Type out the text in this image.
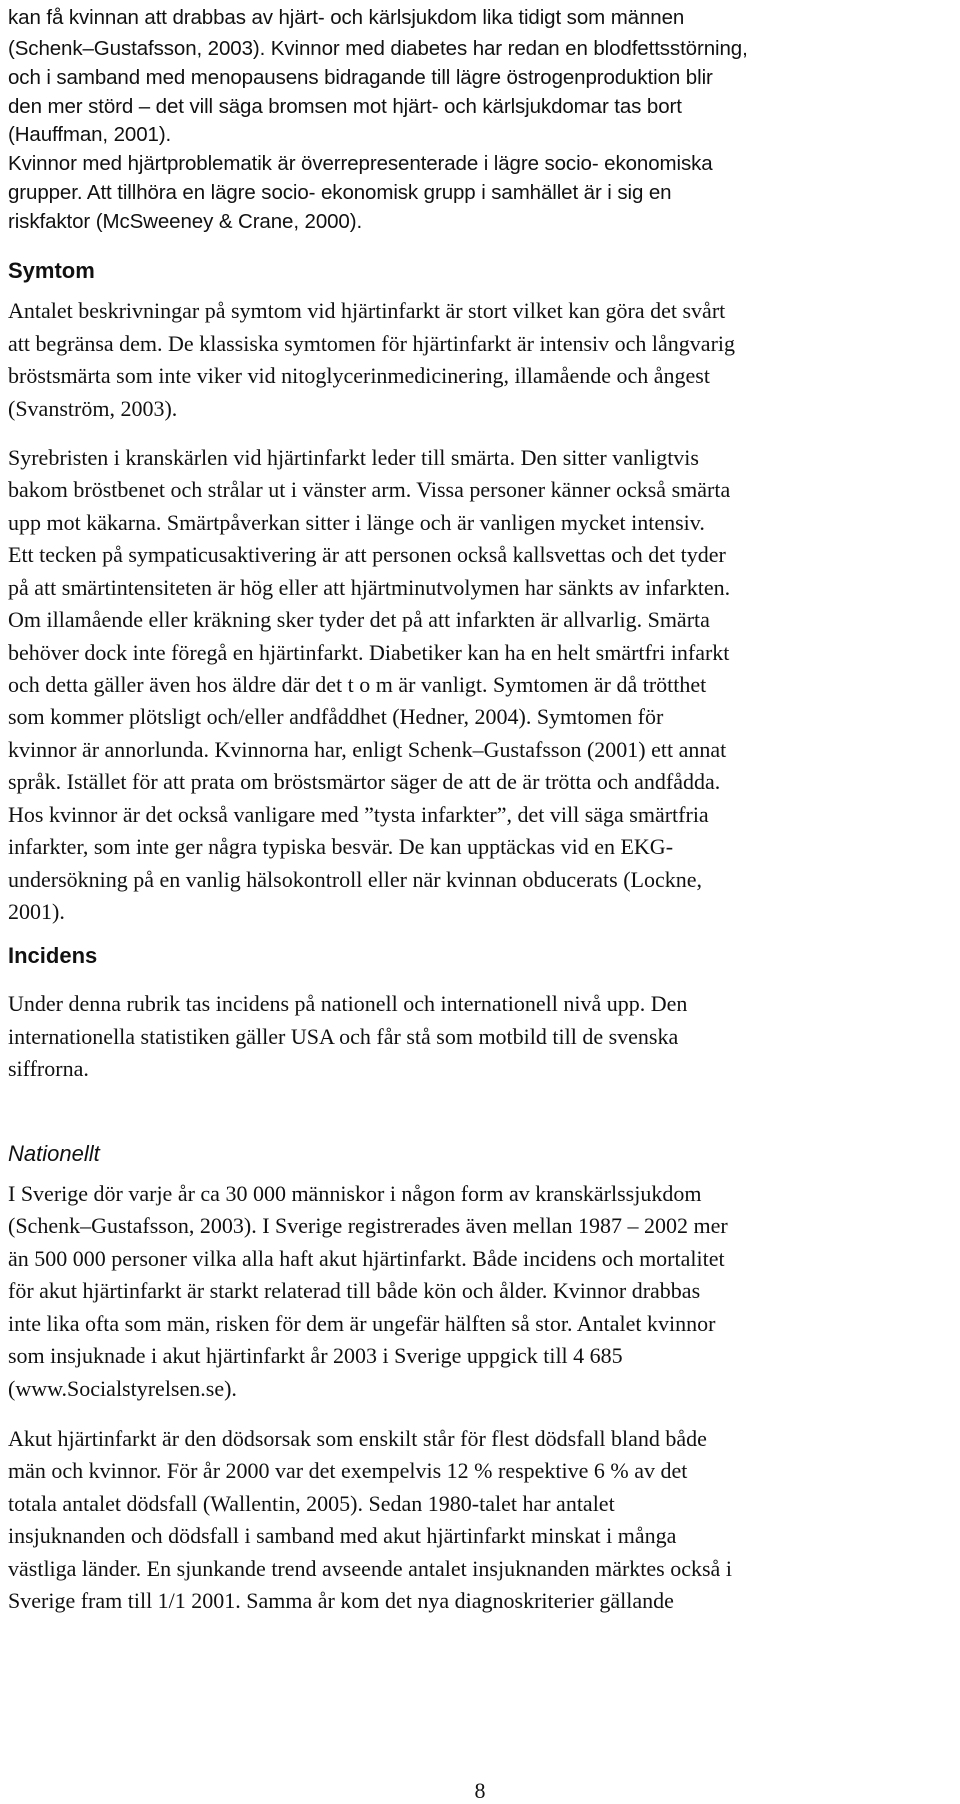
kan få kvinnan att drabbas av hjärt- och kärlsjukdom lika tidigt som männen
(Schenk–Gustafsson, 2003). Kvinnor med diabetes har redan en blodfettsstörning,
och i samband med menopausens bidragande till lägre östrogenproduktion blir
den mer störd – det vill säga bromsen mot hjärt- och kärlsjukdomar tas bort
(Hauffman, 2001).
Kvinnor med hjärtproblematik är överrepresenterade i lägre socio- ekonomiska
grupper. Att tillhöra en lägre socio- ekonomisk grupp i samhället är i sig en
riskfaktor (McSweeney & Crane, 2000).
Symtom
Antalet beskrivningar på symtom vid hjärtinfarkt är stort vilket kan göra det svårt
att begränsa dem. De klassiska symtomen för hjärtinfarkt är intensiv och långvarig
bröstsmärta som inte viker vid nitoglycerinmedicinering, illamående och ångest
(Svanström, 2003).
Syrebristen i kranskärlen vid hjärtinfarkt leder till smärta. Den sitter vanligtvis
bakom bröstbenet och strålar ut i vänster arm. Vissa personer känner också smärta
upp mot käkarna. Smärtpåverkan sitter i länge och är vanligen mycket intensiv.
Ett tecken på sympaticusaktivering är att personen också kallsvettas och det tyder
på att smärtintensiteten är hög eller att hjärtminutvolymen har sänkts av infarkten.
Om illamående eller kräkning sker tyder det på att infarkten är allvarlig. Smärta
behöver dock inte föregå en hjärtinfarkt. Diabetiker kan ha en helt smärtfri infarkt
och detta gäller även hos äldre där det t o m är vanligt. Symtomen är då trötthet
som kommer plötsligt och/eller andfåddhet (Hedner, 2004). Symtomen för
kvinnor är annorlunda. Kvinnorna har, enligt Schenk–Gustafsson (2001) ett annat
språk. Istället för att prata om bröstsmärtor säger de att de är trötta och andfådda.
Hos kvinnor är det också vanligare med ”tysta infarkter”, det vill säga smärtfria
infarkter, som inte ger några typiska besvär. De kan upptäckas vid en EKG-
undersökning på en vanlig hälsokontroll eller när kvinnan obducerats (Lockne,
2001).
Incidens
Under denna rubrik tas incidens på nationell och internationell nivå upp. Den
internationella statistiken gäller USA och får stå som motbild till de svenska
siffrorna.
Nationellt
I Sverige dör varje år ca 30 000 människor i någon form av kranskärlssjukdom
(Schenk–Gustafsson, 2003). I Sverige registrerades även mellan 1987 – 2002 mer
än 500 000 personer vilka alla haft akut hjärtinfarkt. Både incidens och mortalitet
för akut hjärtinfarkt är starkt relaterad till både kön och ålder. Kvinnor drabbas
inte lika ofta som män, risken för dem är ungefär hälften så stor. Antalet kvinnor
som insjuknade i akut hjärtinfarkt år 2003 i Sverige uppgick till 4 685
(www.Socialstyrelsen.se).
Akut hjärtinfarkt är den dödsorsak som enskilt står för flest dödsfall bland både
män och kvinnor. För år 2000 var det exempelvis 12 % respektive 6 % av det
totala antalet dödsfall (Wallentin, 2005). Sedan 1980-talet har antalet
insjuknanden och dödsfall i samband med akut hjärtinfarkt minskat i många
västliga länder. En sjunkande trend avseende antalet insjuknanden märktes också i
Sverige fram till 1/1 2001. Samma år kom det nya diagnoskriterier gällande
8
